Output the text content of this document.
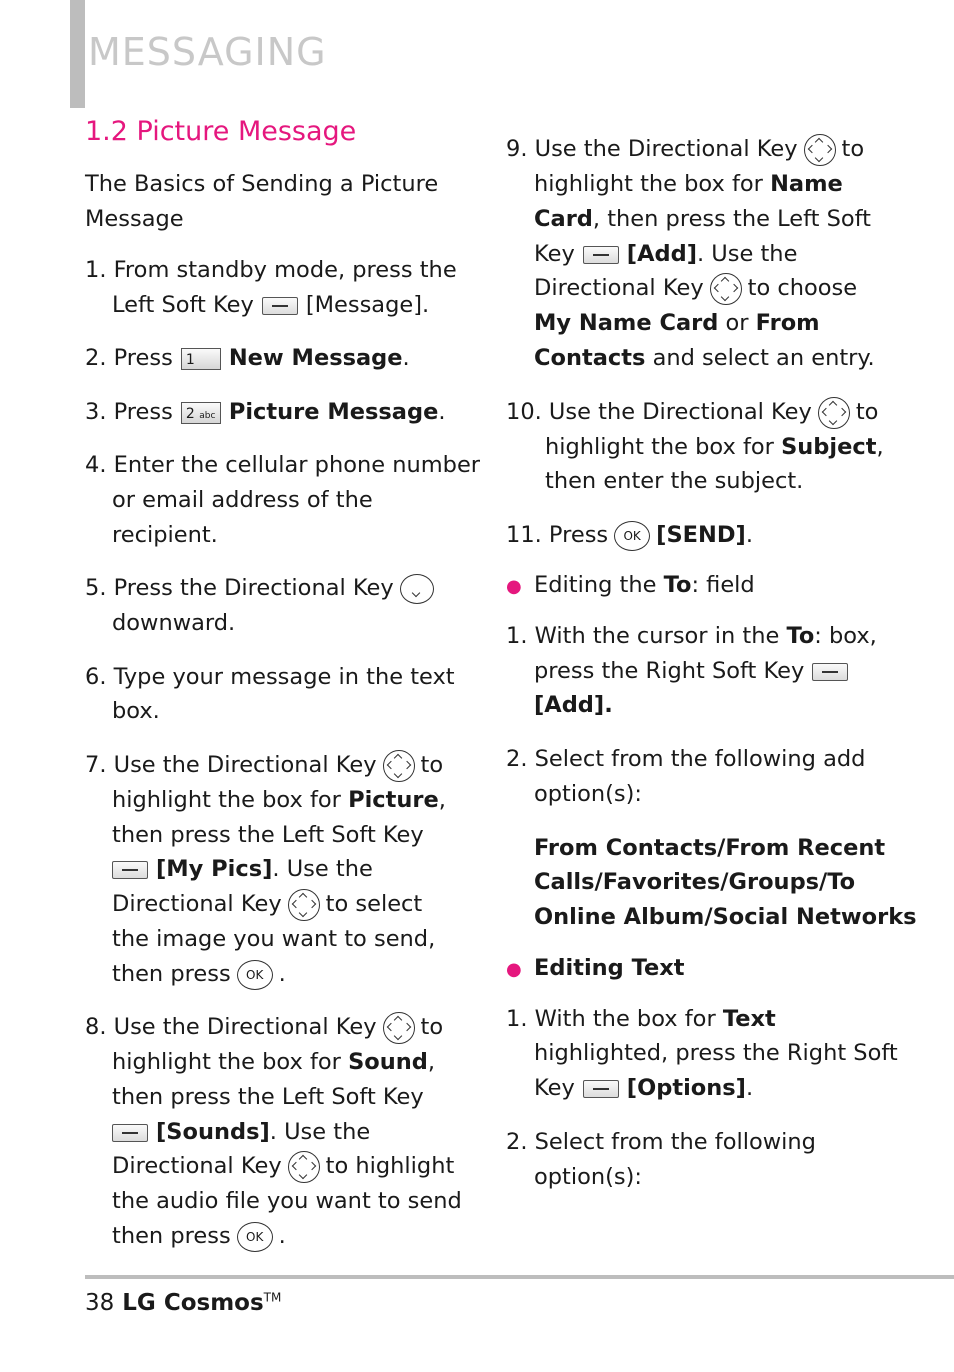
MESSAGING
1.2 Picture Message
The Basics of Sending a Picture
Message
1. From standby mode, press the
Left Soft Key [Message].
2. Press 1 New Message.
3. Press 2 abc Picture Message.
4. Enter the cellular phone number
or email address of the
recipient.
5. Press the Directional Key
downward.
6. Type your message in the text
box.
7. Use the Directional Key to
highlight the box for Picture,
then press the Left Soft Key
[My Pics]. Use the
Directional Key to select
the image you want to send,
then press OK .
8. Use the Directional Key to
highlight the box for Sound,
then press the Left Soft Key
[Sounds]. Use the
Directional Key to highlight
the audio file you want to send
then press OK .
9. Use the Directional Key to
highlight the box for Name
Card, then press the Left Soft
Key [Add]. Use the
Directional Key to choose
My Name Card or From
Contacts and select an entry.
10. Use the Directional Key to
highlight the box for Subject,
then enter the subject.
11. Press OK [SEND].
● Editing the To: field
1. With the cursor in the To: box,
press the Right Soft Key
[Add].
2. Select from the following add
option(s):
From Contacts/From Recent
Calls/Favorites/Groups/To
Online Album/Social Networks
● Editing Text
1. With the box for Text
highlighted, press the Right Soft
Key [Options].
2. Select from the following
option(s):
38 LG Cosmos™
